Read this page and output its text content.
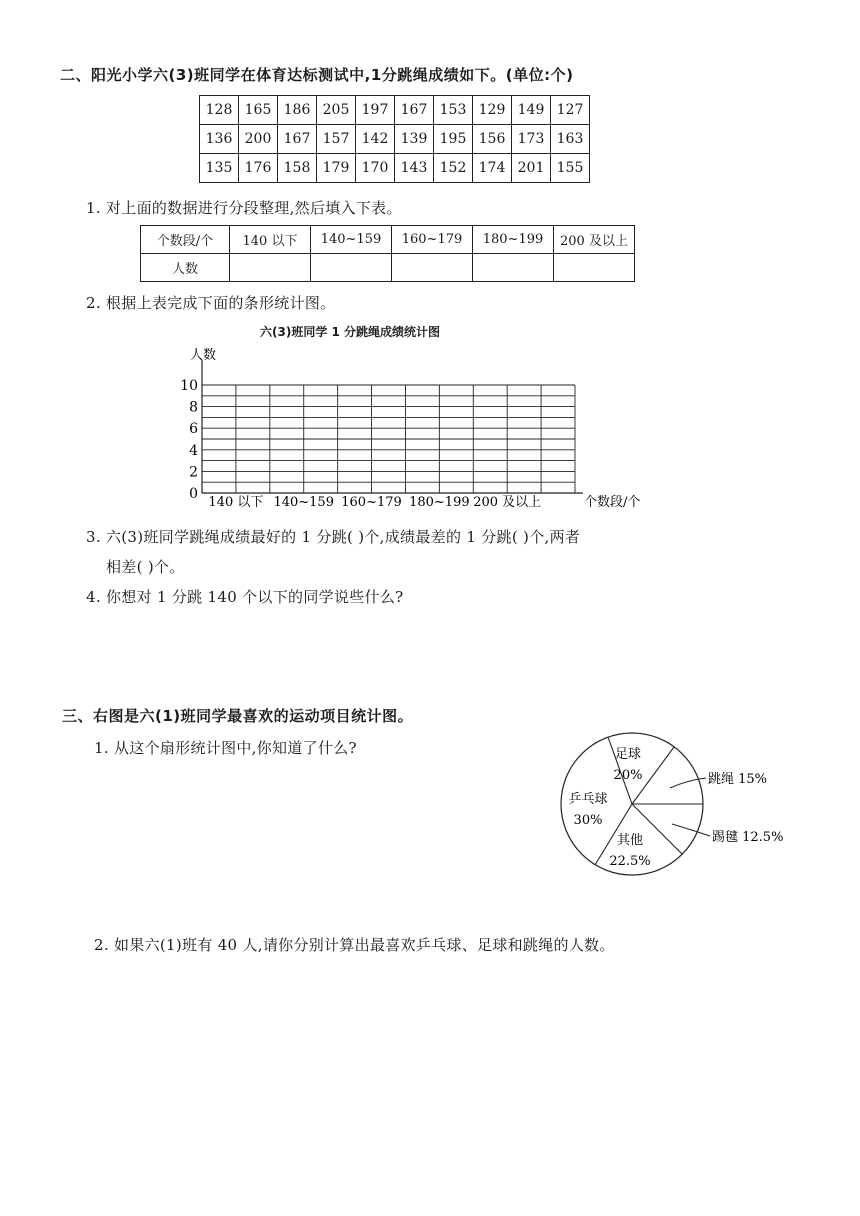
二、阳光小学六(3)班同学在体育达标测试中,1分跳绳成绩如下。(单位:个)
128	165	186	205	197	167	153	129	149	127
136	200	167	157	142	139	195	156	173	163
135	176	158	179	170	143	152	174	201	155
1. 对上面的数据进行分段整理,然后填入下表。
个数段/个	140 以下	140~159	160~179	180~199	200 及以上
人数					
2. 根据上表完成下面的条形统计图。
六(3)班同学 1 分跳绳成绩统计图
0
2
4
6
8
10
140 以下 140~159 160~179 180~199 200 及以上
人数
个数段/个
3. 六(3)班同学跳绳成绩最好的 1 分跳( )个,成绩最差的 1 分跳( )个,两者
相差( )个。
4. 你想对 1 分跳 140 个以下的同学说些什么?
三、右图是六(1)班同学最喜欢的运动项目统计图。
1. 从这个扇形统计图中,你知道了什么?	足球
20%
乒乓球
30%
其他
22.5%
跳绳 15%
踢毽 12.5%
2. 如果六(1)班有 40 人,请你分别计算出最喜欢乒乓球、足球和跳绳的人数。
